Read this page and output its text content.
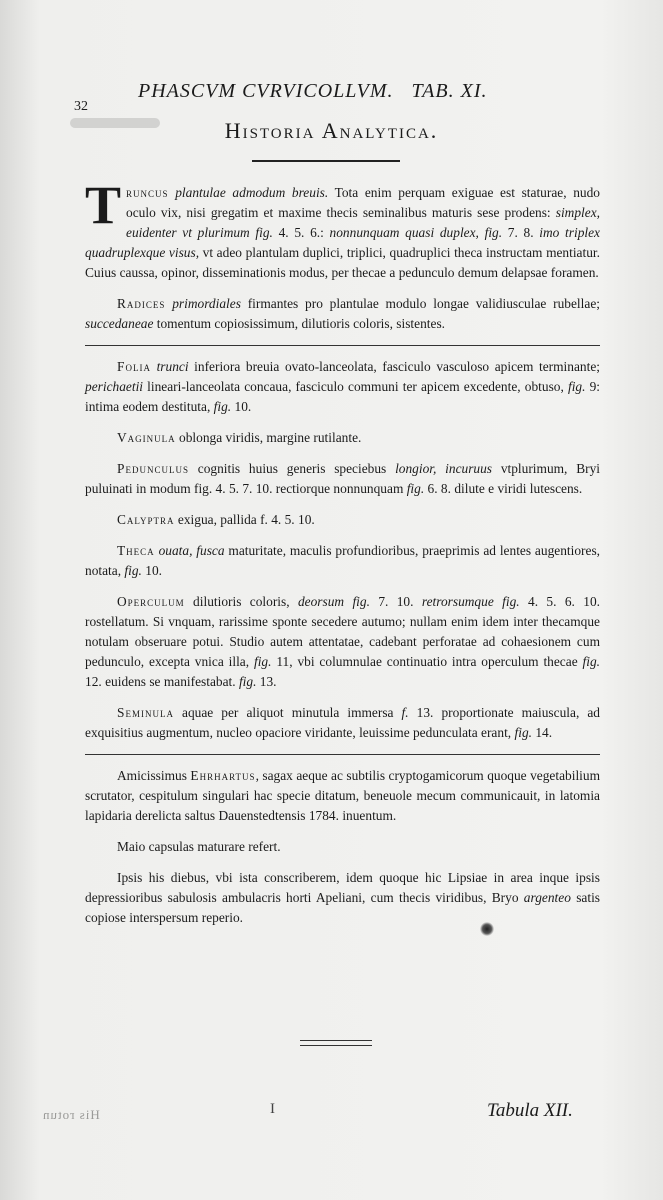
32
PHASCVM CVRVICOLLVM. TAB. XI.
Historia Analytica.

Truncus plantulae admodum breuis. Tota enim perquam exiguae est staturae, nudo oculo vix, nisi gregatim et maxime thecis seminalibus maturis sese prodens: simplex, euidenter vt plurimum fig. 4. 5. 6.: nonnunquam quasi duplex, fig. 7. 8. imo triplex quadruplexque visus, vt adeo plantulam duplici, triplici, quadruplici theca instructam mentiatur. Cuius caussa, opinor, disseminationis modus, per thecae a pedunculo demum delapsae foramen.

Radices primordiales firmantes pro plantulae modulo longae validiusculae rubellae; succedaneae tomentum copiosissimum, dilutioris coloris, sistentes.

Folia trunci inferiora breuia ovato-lanceolata, fasciculo vasculoso apicem terminante; perichaetii lineari-lanceolata concaua, fasciculo communi ter apicem excedente, obtuso, fig. 9: intima eodem destituta, fig. 10.

Vaginula oblonga viridis, margine rutilante.

Pedunculus cognitis huius generis speciebus longior, incuruus vtplurimum, Bryi puluinati in modum fig. 4. 5. 7. 10. rectiorque nonnunquam fig. 6. 8. dilute e viridi lutescens.

Calyptra exigua, pallida f. 4. 5. 10.

Theca ouata, fusca maturitate, maculis profundioribus, praeprimis ad lentes augentiores, notata, fig. 10.

Operculum dilutioris coloris, deorsum fig. 7. 10. retrorsumque fig. 4. 5. 6. 10. rostellatum. Si vnquam, rarissime sponte secedere autumo; nullam enim idem inter thecamque notulam obseruare potui. Studio autem attentatae, cadebant perforatae ad cohaesionem cum pedunculo, excepta vnica illa, fig. 11, vbi columnulae continuatio intra operculum thecae fig. 12. euidens se manifestabat. fig. 13.

Seminula aquae per aliquot minutula immersa f. 13. proportionate maiuscula, ad exquisitius augmentum, nucleo opaciore viridante, leuissime pedunculata erant, fig. 14.

Amicissimus Ehrhartus, sagax aeque ac subtilis cryptogamicorum quoque vegetabilium scrutator, cespitulum singulari hac specie ditatum, beneuole mecum communicauit, in latomia lapidaria derelicta saltus Dauenstedtensis 1784. inuentum.

Maio capsulas maturare refert.

Ipsis his diebus, vbi ista conscriberem, idem quoque hic Lipsiae in area inque ipsis depressioribus sabulosis ambulacris horti Apeliani, cum thecis viridibus, Bryo argenteo satis copiose interspersum reperio.

His rotun	I	Tabula XII.
